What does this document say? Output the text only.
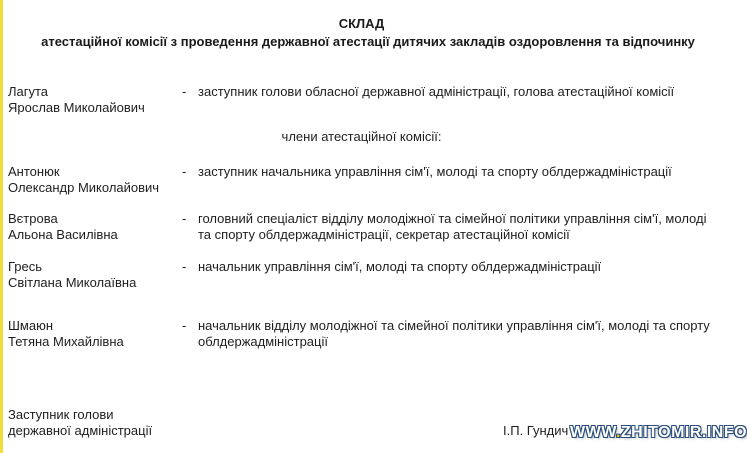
СКЛАД
атестаційної комісії з проведення державної атестації дитячих закладів оздоровлення та відпочинку
Лагута
Ярослав Миколайович
- заступник голови обласної державної адміністрації, голова атестаційної комісії
члени атестаційної комісії:
Антонюк
Олександр Миколайович
- заступник начальника управління сім'ї, молоді та спорту облдержадміністрації
Вєтрова
Альона Василівна
- головний спеціаліст відділу молодіжної та сімейної політики управління сім'ї, молоді та спорту облдержадміністрації, секретар атестаційної комісії
Гресь
Світлана Миколаївна
- начальник управління сім'ї, молоді та спорту облдержадміністрації
Шмаюн
Тетяна Михайлівна
- начальник відділу молодіжної та сімейної політики управління сім'ї, молоді та спорту облдержадміністрації
Заступник голови
державної адміністрації	І.П. Гундич WWW.ZHITOMIR.INFO
